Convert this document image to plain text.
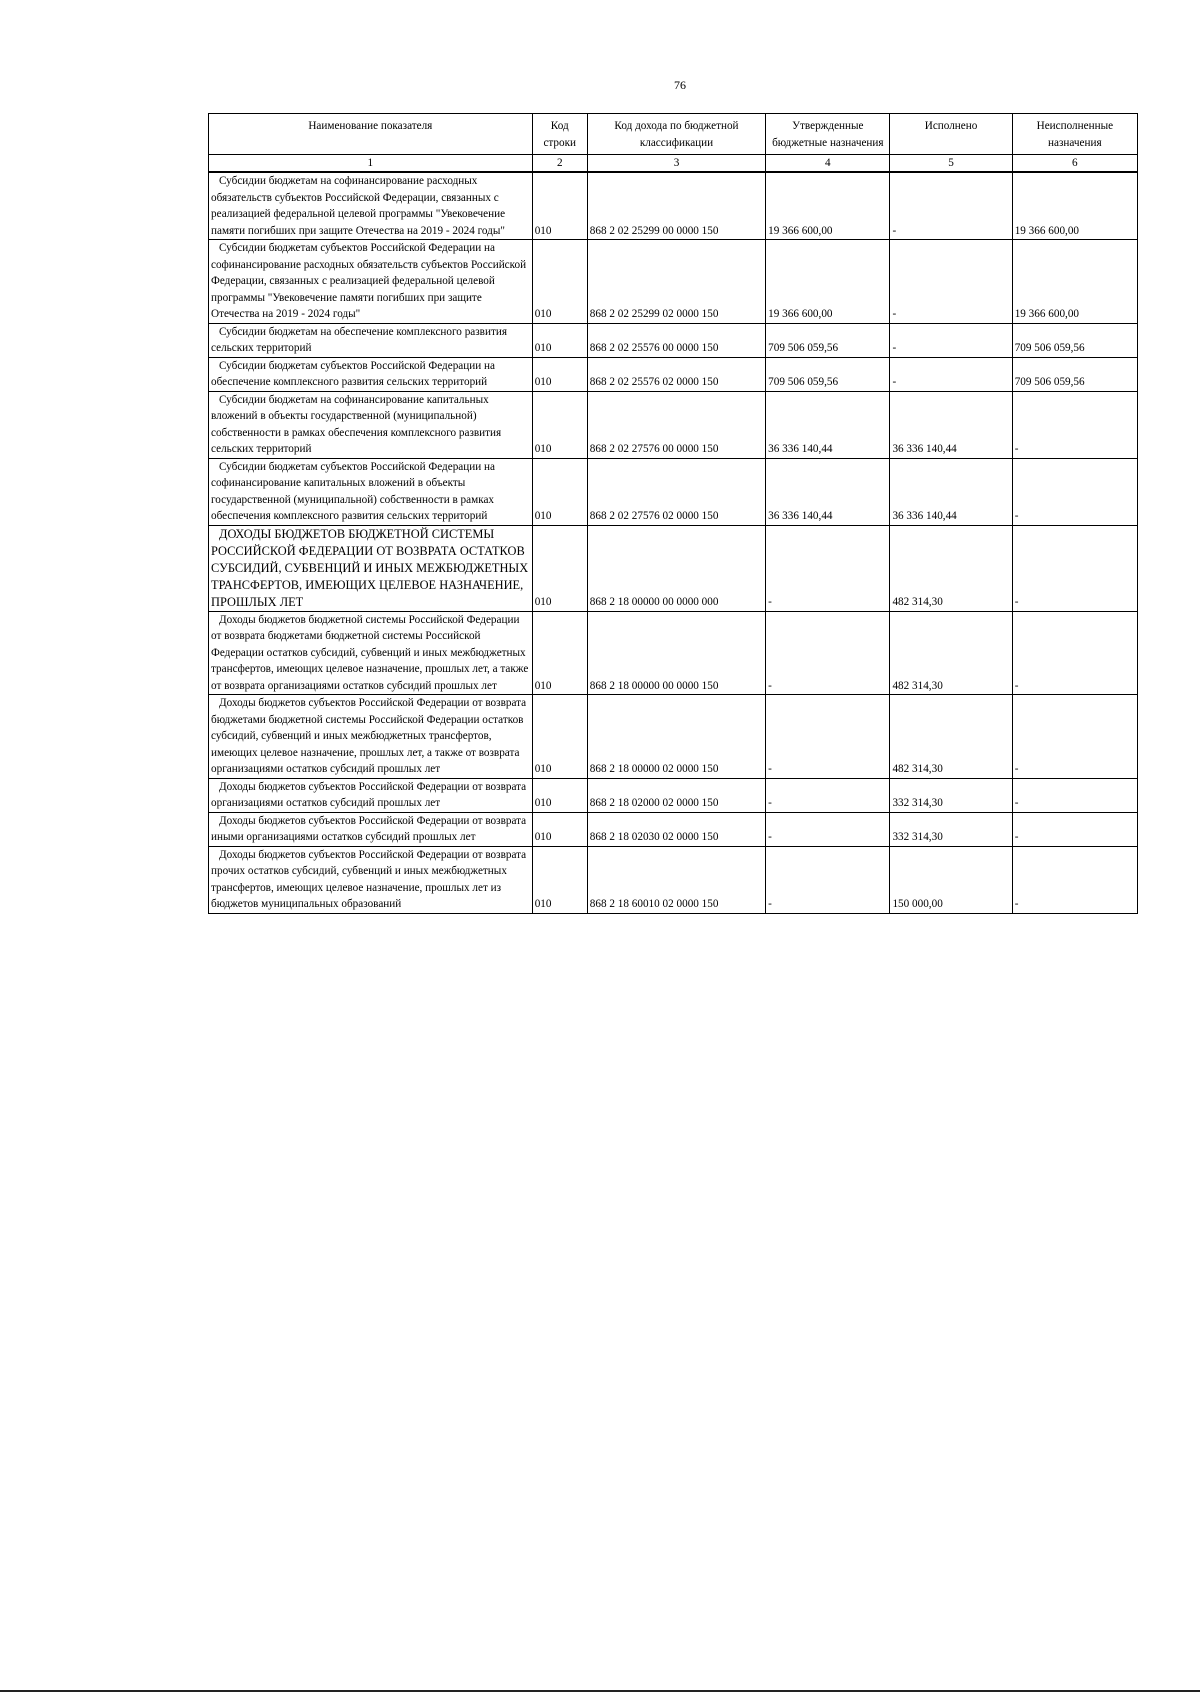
76
Наименование показателя	Код строки	Код дохода по бюджетной классификации	Утвержденные бюджетные назначения	Исполнено	Неисполненные назначения
1	2	3	4	5	6

Субсидии бюджетам на софинансирование расходных обязательств субъектов Российской Федерации, связанных с реализацией федеральной целевой программы "Увековечение памяти погибших при защите Отечества на 2019 - 2024 годы"	010	868 2 02 25299 00 0000 150	19 366 600,00	-	19 366 600,00

Субсидии бюджетам субъектов Российской Федерации на софинансирование расходных обязательств субъектов Российской Федерации, связанных с реализацией федеральной целевой программы "Увековечение памяти погибших при защите Отечества на 2019 - 2024 годы"	010	868 2 02 25299 02 0000 150	19 366 600,00	-	19 366 600,00

Субсидии бюджетам на обеспечение комплексного развития сельских территорий	010	868 2 02 25576 00 0000 150	709 506 059,56	-	709 506 059,56

Субсидии бюджетам субъектов Российской Федерации на обеспечение комплексного развития сельских территорий	010	868 2 02 25576 02 0000 150	709 506 059,56	-	709 506 059,56

Субсидии бюджетам на софинансирование капитальных вложений в объекты государственной (муниципальной) собственности в рамках обеспечения комплексного развития сельских территорий	010	868 2 02 27576 00 0000 150	36 336 140,44	36 336 140,44	-

Субсидии бюджетам субъектов Российской Федерации на софинансирование капитальных вложений в объекты государственной (муниципальной) собственности в рамках обеспечения комплексного развития сельских территорий	010	868 2 02 27576 02 0000 150	36 336 140,44	36 336 140,44	-

ДОХОДЫ БЮДЖЕТОВ БЮДЖЕТНОЙ СИСТЕМЫ РОССИЙСКОЙ ФЕДЕРАЦИИ ОТ ВОЗВРАТА ОСТАТКОВ СУБСИДИЙ, СУБВЕНЦИЙ И ИНЫХ МЕЖБЮДЖЕТНЫХ ТРАНСФЕРТОВ, ИМЕЮЩИХ ЦЕЛЕВОЕ НАЗНАЧЕНИЕ, ПРОШЛЫХ ЛЕТ	010	868 2 18 00000 00 0000 000	-	482 314,30	-

Доходы бюджетов бюджетной системы Российской Федерации от возврата бюджетами бюджетной системы Российской Федерации остатков субсидий, субвенций и иных межбюджетных трансфертов, имеющих целевое назначение, прошлых лет, а также от возврата организациями остатков субсидий прошлых лет	010	868 2 18 00000 00 0000 150	-	482 314,30	-

Доходы бюджетов субъектов Российской Федерации от возврата бюджетами бюджетной системы Российской Федерации остатков субсидий, субвенций и иных межбюджетных трансфертов, имеющих целевое назначение, прошлых лет, а также от возврата организациями остатков субсидий прошлых лет	010	868 2 18 00000 02 0000 150	-	482 314,30	-

Доходы бюджетов субъектов Российской Федерации от возврата организациями остатков субсидий прошлых лет	010	868 2 18 02000 02 0000 150	-	332 314,30	-

Доходы бюджетов субъектов Российской Федерации от возврата иными организациями остатков субсидий прошлых лет	010	868 2 18 02030 02 0000 150	-	332 314,30	-

Доходы бюджетов субъектов Российской Федерации от возврата прочих остатков субсидий, субвенций и иных межбюджетных трансфертов, имеющих целевое назначение, прошлых лет из бюджетов муниципальных образований	010	868 2 18 60010 02 0000 150	-	150 000,00	-
